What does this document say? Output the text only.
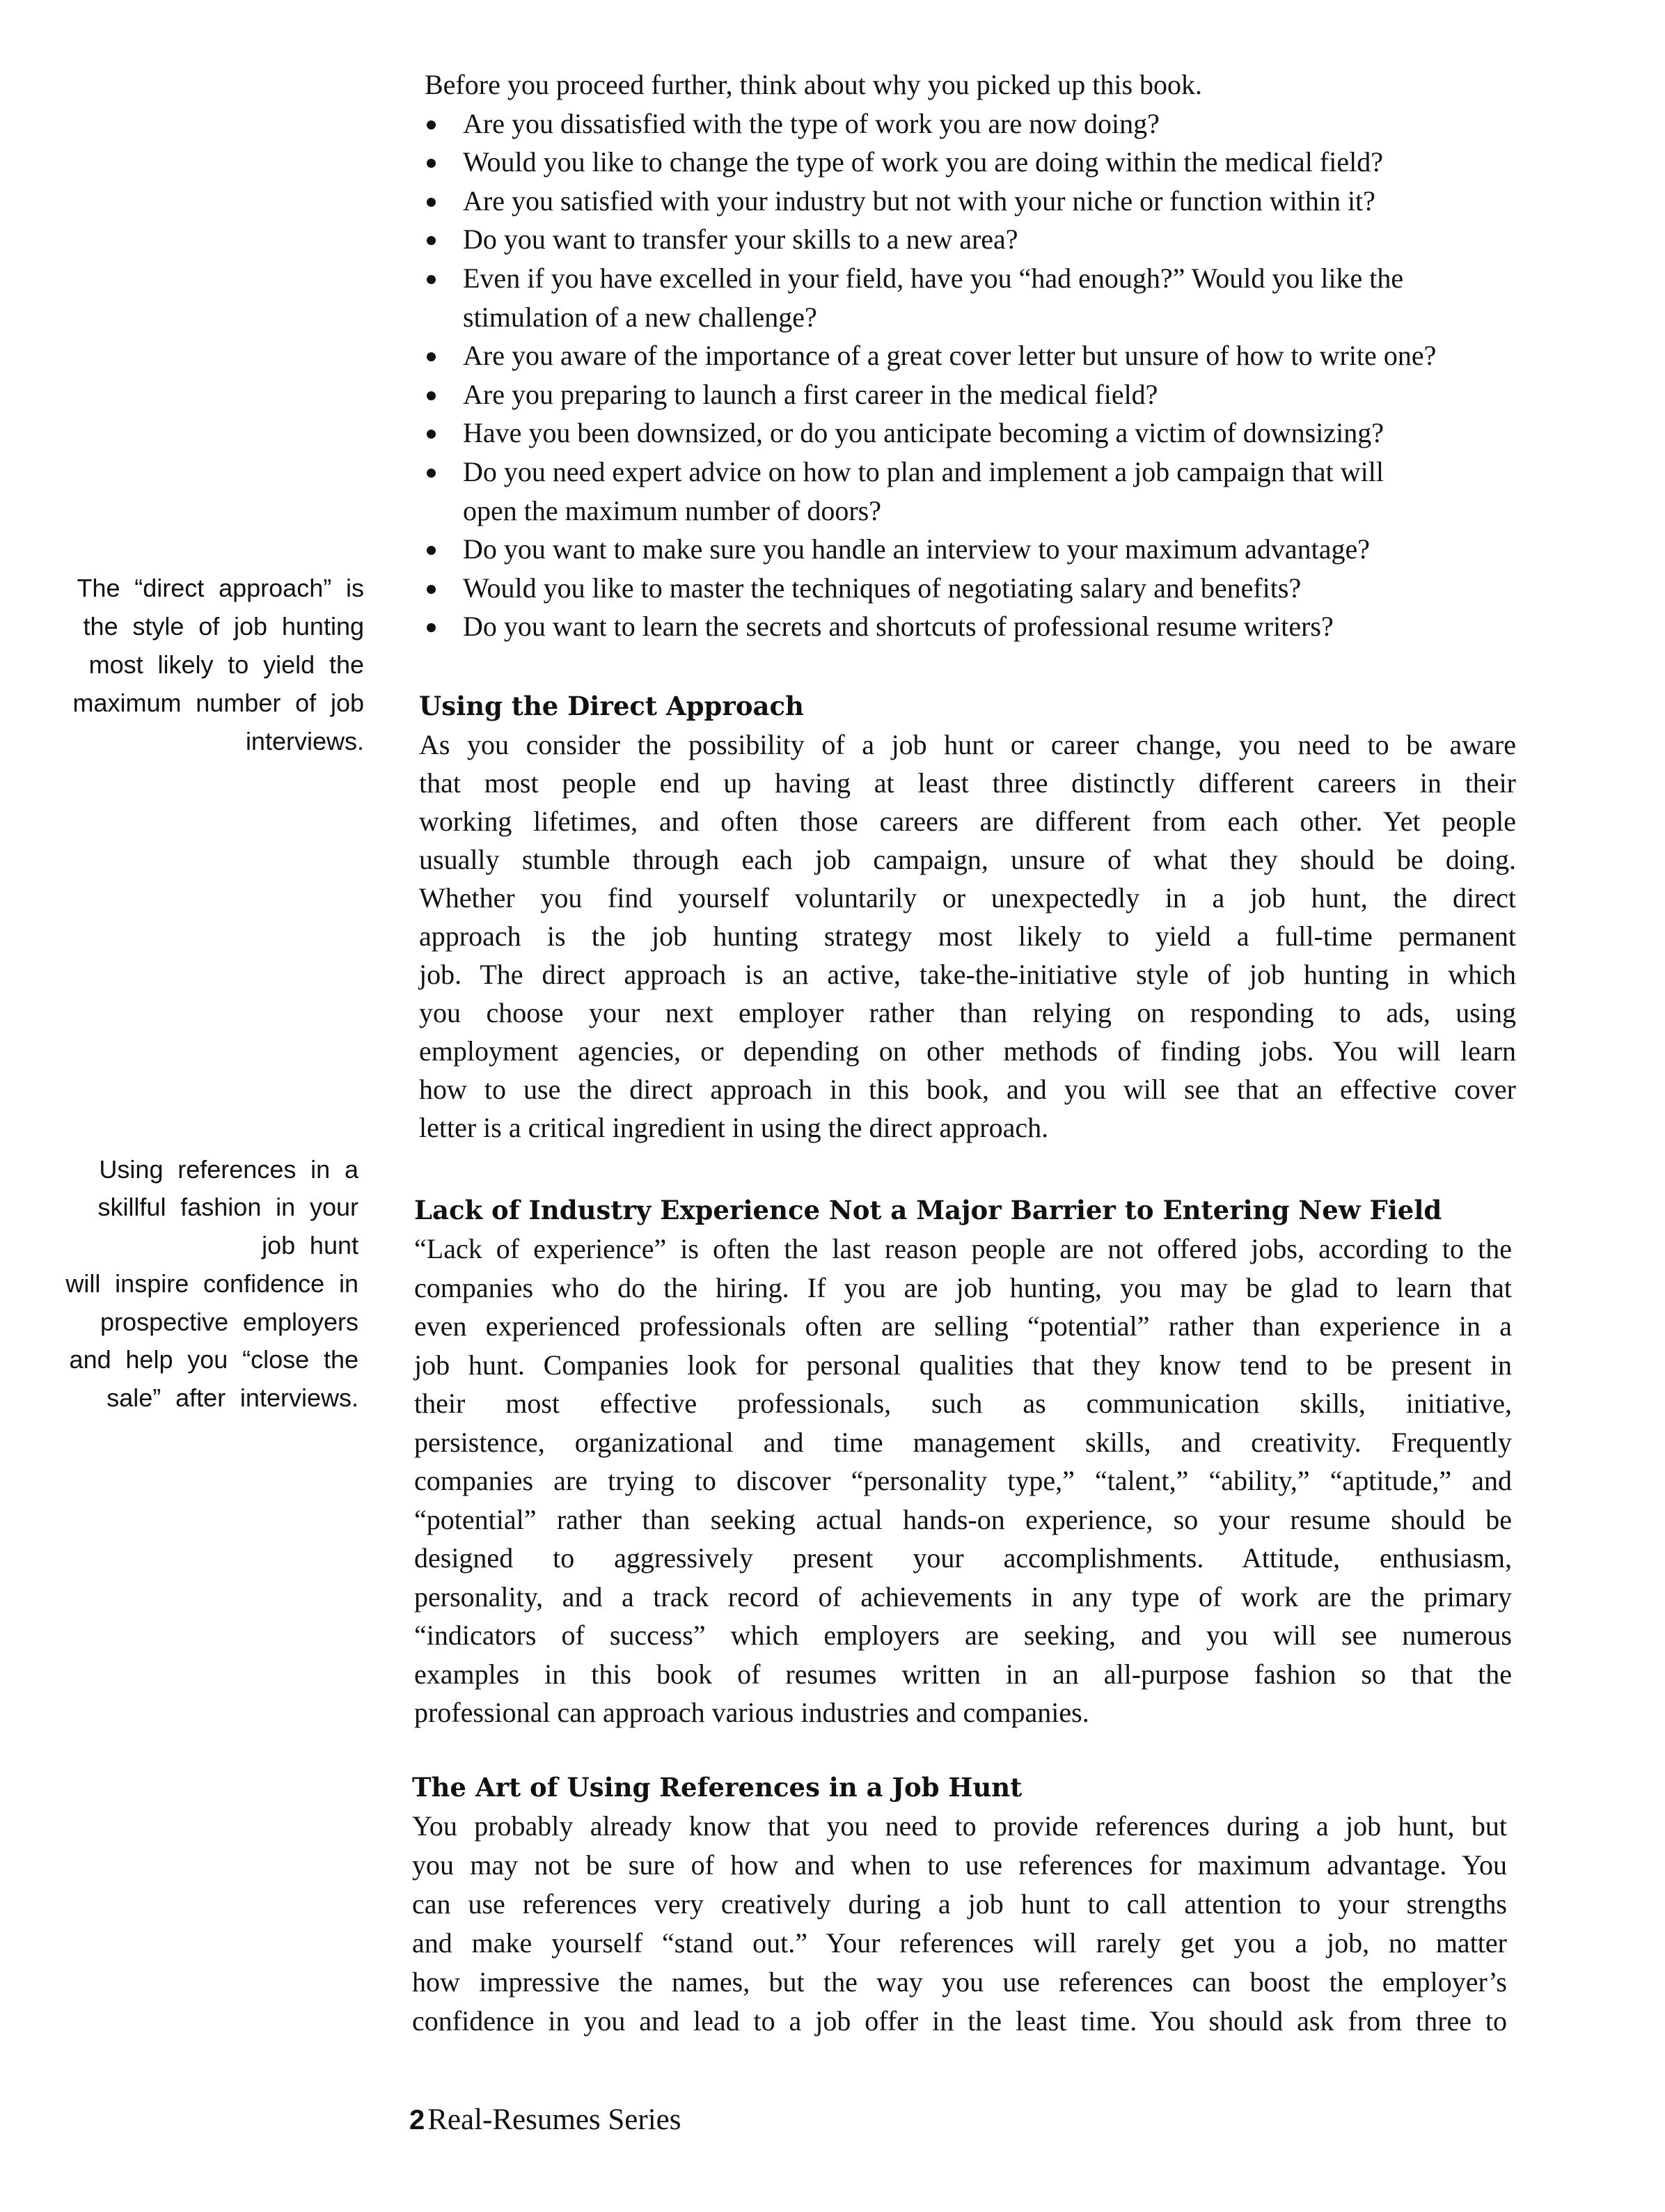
Before you proceed further, think about why you picked up this book.
Are you dissatisfied with the type of work you are now doing?
Would you like to change the type of work you are doing within the medical field?
Are you satisfied with your industry but not with your niche or function within it?
Do you want to transfer your skills to a new area?
Even if you have excelled in your field, have you “had enough?” Would you like the
stimulation of a new challenge?
Are you aware of the importance of a great cover letter but unsure of how to write one?
Are you preparing to launch a first career in the medical field?
Have you been downsized, or do you anticipate becoming a victim of downsizing?
Do you need expert advice on how to plan and implement a job campaign that will
open the maximum number of doors?
Do you want to make sure you handle an interview to your maximum advantage?
Would you like to master the techniques of negotiating salary and benefits?
Do you want to learn the secrets and shortcuts of professional resume writers?
The “direct approach” is
the style of job hunting
most likely to yield the
maximum number of job
interviews.
Using the Direct Approach
As you consider the possibility of a job hunt or career change, you need to be aware
that most people end up having at least three distinctly different careers in their
working lifetimes, and often those careers are different from each other. Yet people
usually stumble through each job campaign, unsure of what they should be doing.
Whether you find yourself voluntarily or unexpectedly in a job hunt, the direct
approach is the job hunting strategy most likely to yield a full-time permanent
job. The direct approach is an active, take-the-initiative style of job hunting in which
you choose your next employer rather than relying on responding to ads, using
employment agencies, or depending on other methods of finding jobs. You will learn
how to use the direct approach in this book, and you will see that an effective cover
letter is a critical ingredient in using the direct approach.
Using references in a
skillful fashion in your
job hunt
will inspire confidence in
prospective employers
and help you “close the
sale” after interviews.
Lack of Industry Experience Not a Major Barrier to Entering New Field
“Lack of experience” is often the last reason people are not offered jobs, according to the
companies who do the hiring. If you are job hunting, you may be glad to learn that
even experienced professionals often are selling “potential” rather than experience in a
job hunt. Companies look for personal qualities that they know tend to be present in
their most effective professionals, such as communication skills, initiative,
persistence, organizational and time management skills, and creativity. Frequently
companies are trying to discover “personality type,” “talent,” “ability,” “aptitude,” and
“potential” rather than seeking actual hands-on experience, so your resume should be
designed to aggressively present your accomplishments. Attitude, enthusiasm,
personality, and a track record of achievements in any type of work are the primary
“indicators of success” which employers are seeking, and you will see numerous
examples in this book of resumes written in an all-purpose fashion so that the
professional can approach various industries and companies.
The Art of Using References in a Job Hunt
You probably already know that you need to provide references during a job hunt, but
you may not be sure of how and when to use references for maximum advantage. You
can use references very creatively during a job hunt to call attention to your strengths
and make yourself “stand out.” Your references will rarely get you a job, no matter
how impressive the names, but the way you use references can boost the employer’s
confidence in you and lead to a job offer in the least time. You should ask from three to
2 Real-Resumes Series
